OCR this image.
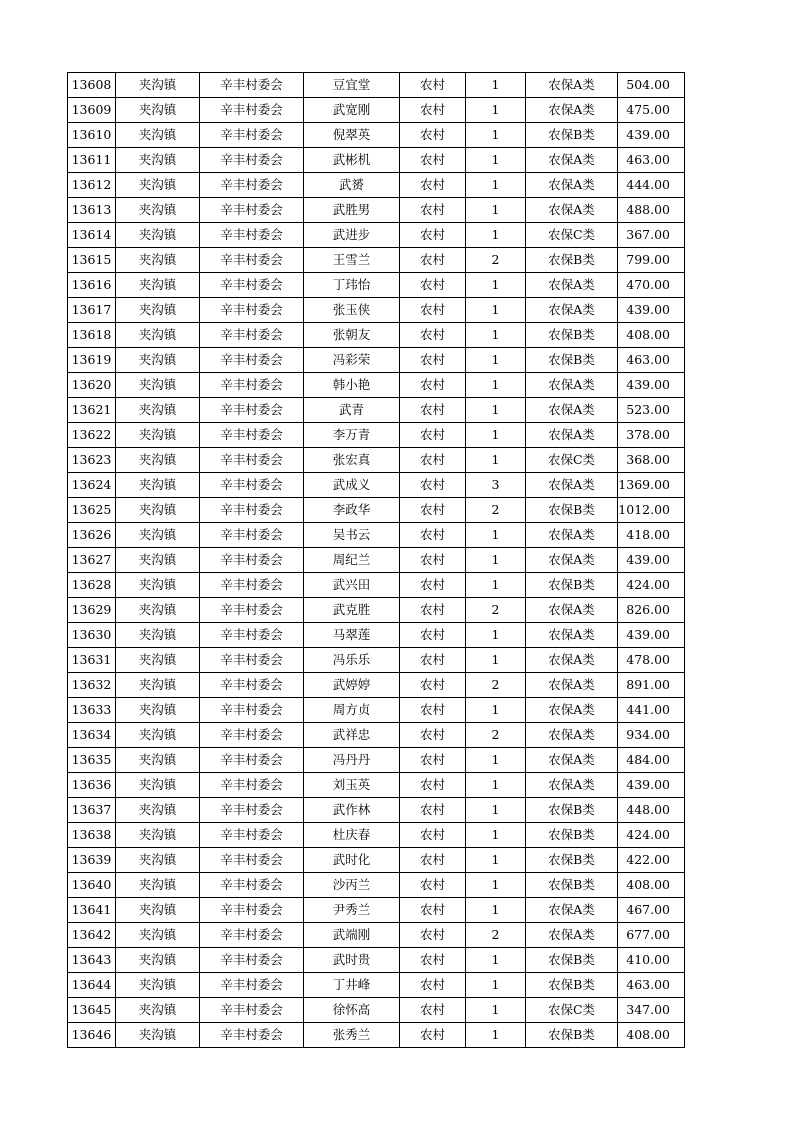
13608	夹沟镇	辛丰村委会	豆宜堂	农村	1	农保A类	504.00
13609	夹沟镇	辛丰村委会	武宽刚	农村	1	农保A类	475.00
13610	夹沟镇	辛丰村委会	倪翠英	农村	1	农保B类	439.00
13611	夹沟镇	辛丰村委会	武彬机	农村	1	农保A类	463.00
13612	夹沟镇	辛丰村委会	武赟	农村	1	农保A类	444.00
13613	夹沟镇	辛丰村委会	武胜男	农村	1	农保A类	488.00
13614	夹沟镇	辛丰村委会	武进步	农村	1	农保C类	367.00
13615	夹沟镇	辛丰村委会	王雪兰	农村	2	农保B类	799.00
13616	夹沟镇	辛丰村委会	丁玮怡	农村	1	农保A类	470.00
13617	夹沟镇	辛丰村委会	张玉侠	农村	1	农保A类	439.00
13618	夹沟镇	辛丰村委会	张朝友	农村	1	农保B类	408.00
13619	夹沟镇	辛丰村委会	冯彩荣	农村	1	农保B类	463.00
13620	夹沟镇	辛丰村委会	韩小艳	农村	1	农保A类	439.00
13621	夹沟镇	辛丰村委会	武青	农村	1	农保A类	523.00
13622	夹沟镇	辛丰村委会	李万青	农村	1	农保A类	378.00
13623	夹沟镇	辛丰村委会	张宏真	农村	1	农保C类	368.00
13624	夹沟镇	辛丰村委会	武成义	农村	3	农保A类	1369.00
13625	夹沟镇	辛丰村委会	李政华	农村	2	农保B类	1012.00
13626	夹沟镇	辛丰村委会	吴书云	农村	1	农保A类	418.00
13627	夹沟镇	辛丰村委会	周纪兰	农村	1	农保A类	439.00
13628	夹沟镇	辛丰村委会	武兴田	农村	1	农保B类	424.00
13629	夹沟镇	辛丰村委会	武克胜	农村	2	农保A类	826.00
13630	夹沟镇	辛丰村委会	马翠莲	农村	1	农保A类	439.00
13631	夹沟镇	辛丰村委会	冯乐乐	农村	1	农保A类	478.00
13632	夹沟镇	辛丰村委会	武婷婷	农村	2	农保A类	891.00
13633	夹沟镇	辛丰村委会	周方贞	农村	1	农保A类	441.00
13634	夹沟镇	辛丰村委会	武祥忠	农村	2	农保A类	934.00
13635	夹沟镇	辛丰村委会	冯丹丹	农村	1	农保A类	484.00
13636	夹沟镇	辛丰村委会	刘玉英	农村	1	农保A类	439.00
13637	夹沟镇	辛丰村委会	武作林	农村	1	农保B类	448.00
13638	夹沟镇	辛丰村委会	杜庆春	农村	1	农保B类	424.00
13639	夹沟镇	辛丰村委会	武时化	农村	1	农保B类	422.00
13640	夹沟镇	辛丰村委会	沙丙兰	农村	1	农保B类	408.00
13641	夹沟镇	辛丰村委会	尹秀兰	农村	1	农保A类	467.00
13642	夹沟镇	辛丰村委会	武端刚	农村	2	农保A类	677.00
13643	夹沟镇	辛丰村委会	武时贵	农村	1	农保B类	410.00
13644	夹沟镇	辛丰村委会	丁井峰	农村	1	农保B类	463.00
13645	夹沟镇	辛丰村委会	徐怀高	农村	1	农保C类	347.00
13646	夹沟镇	辛丰村委会	张秀兰	农村	1	农保B类	408.00
